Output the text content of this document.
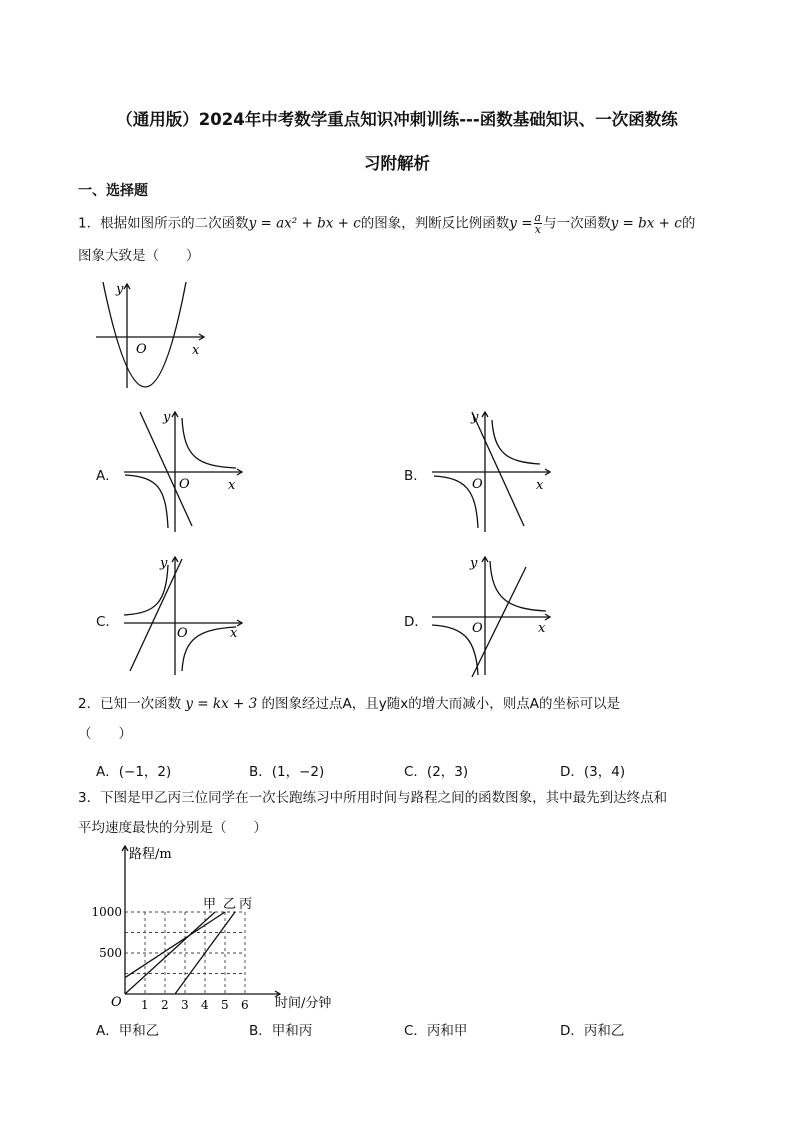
（通用版）2024年中考数学重点知识冲刺训练---函数基础知识、一次函数练
习附解析
一、选择题
1．根据如图所示的二次函数y = ax² + bx + c的图象，判断反比例函数$y = \frac{a}{x}$ 与一次函数y = bx + c的
图象大致是（　　）
y
O	x
A．
y
O	x
B．
y
O	x
C．
y
O	x
D．
y
O	x
2．已知一次函数 y = kx + 3 的图象经过点A，且y随x的增大而减小，则点A的坐标可以是
（　　）
A．(−1，2)	B．(1，−2)	C．(2，3)	D．(3，4)
3．下图是甲乙丙三位同学在一次长跑练习中所用时间与路程之间的函数图象，其中最先到达终点和
平均速度最快的分别是（　　）
甲 乙 丙
1 2 3 4 5 6
500
1000
O
路程/m
时间/分钟
A．甲和乙	B．甲和丙	C．丙和甲	D．丙和乙
